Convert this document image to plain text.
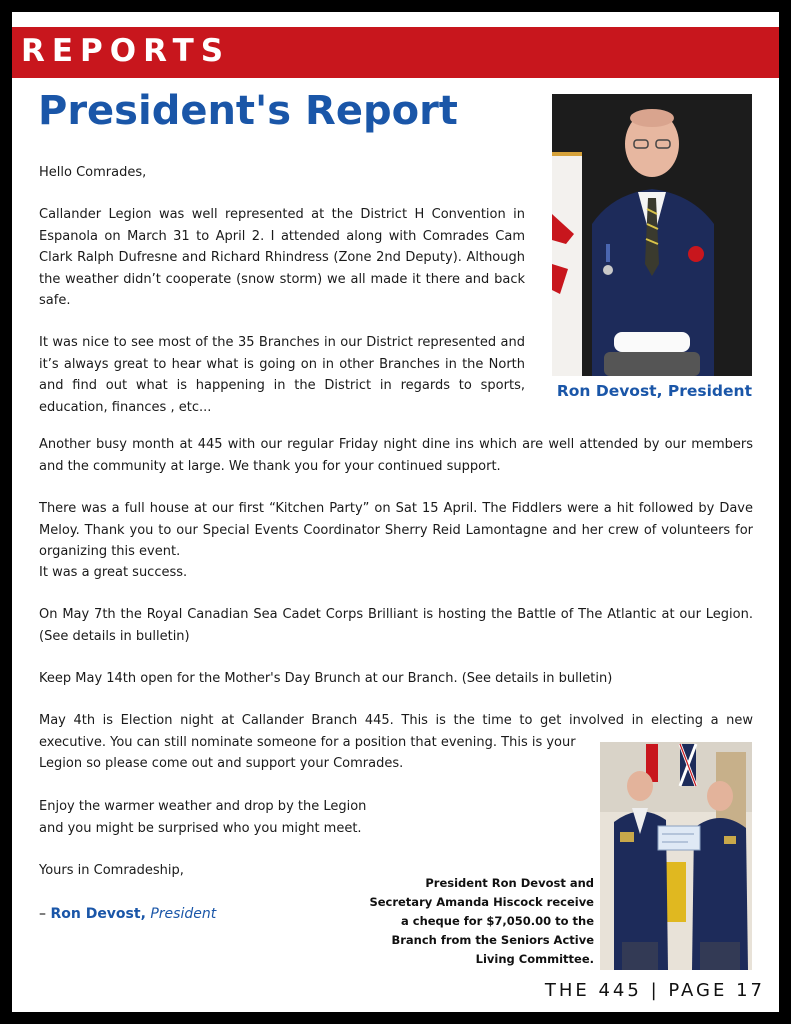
REPORTS
President's Report
Ron Devost, President

Hello Comrades,

Callander Legion was well represented at the District H Convention in Espanola on March 31 to April 2. I attended along with Comrades Cam Clark Ralph Dufresne and Richard Rhindress (Zone 2nd Deputy). Although the weather didn’t cooperate (snow storm) we all made it there and back safe.

It was nice to see most of the 35 Branches in our District represented and it’s always great to hear what is going on in other Branches in the North and find out what is happening in the District in regards to sports, education, finances , etc...

Another busy month at 445 with our regular Friday night dine ins which are well attended by our members and the community at large. We thank you for your continued support.

There was a full house at our first “Kitchen Party” on Sat 15 April. The Fiddlers were a hit followed by Dave Meloy. Thank you to our Special Events Coordinator Sherry Reid Lamontagne and her crew of volunteers for organizing this event.

It was a great success.

On May 7th the Royal Canadian Sea Cadet Corps Brilliant is hosting the Battle of The Atlantic at our Legion. (See details in bulletin)

Keep May 14th open for the Mother's Day Brunch at our Branch. (See details in bulletin)

May 4th is Election night at Callander Branch 445. This is the time to get involved in electing a new executive. You can still nominate someone for a position that evening. This is your

Legion so please come out and support your Comrades.

Enjoy the warmer weather and drop by the Legion

and you might be surprised who you might meet.

Yours in Comradeship,

– Ron Devost, President

President Ron Devost and
Secretary Amanda Hiscock receive
a cheque for $7,050.00 to the
Branch from the Seniors Active
Living Committee.

THE 445 | PAGE 17
